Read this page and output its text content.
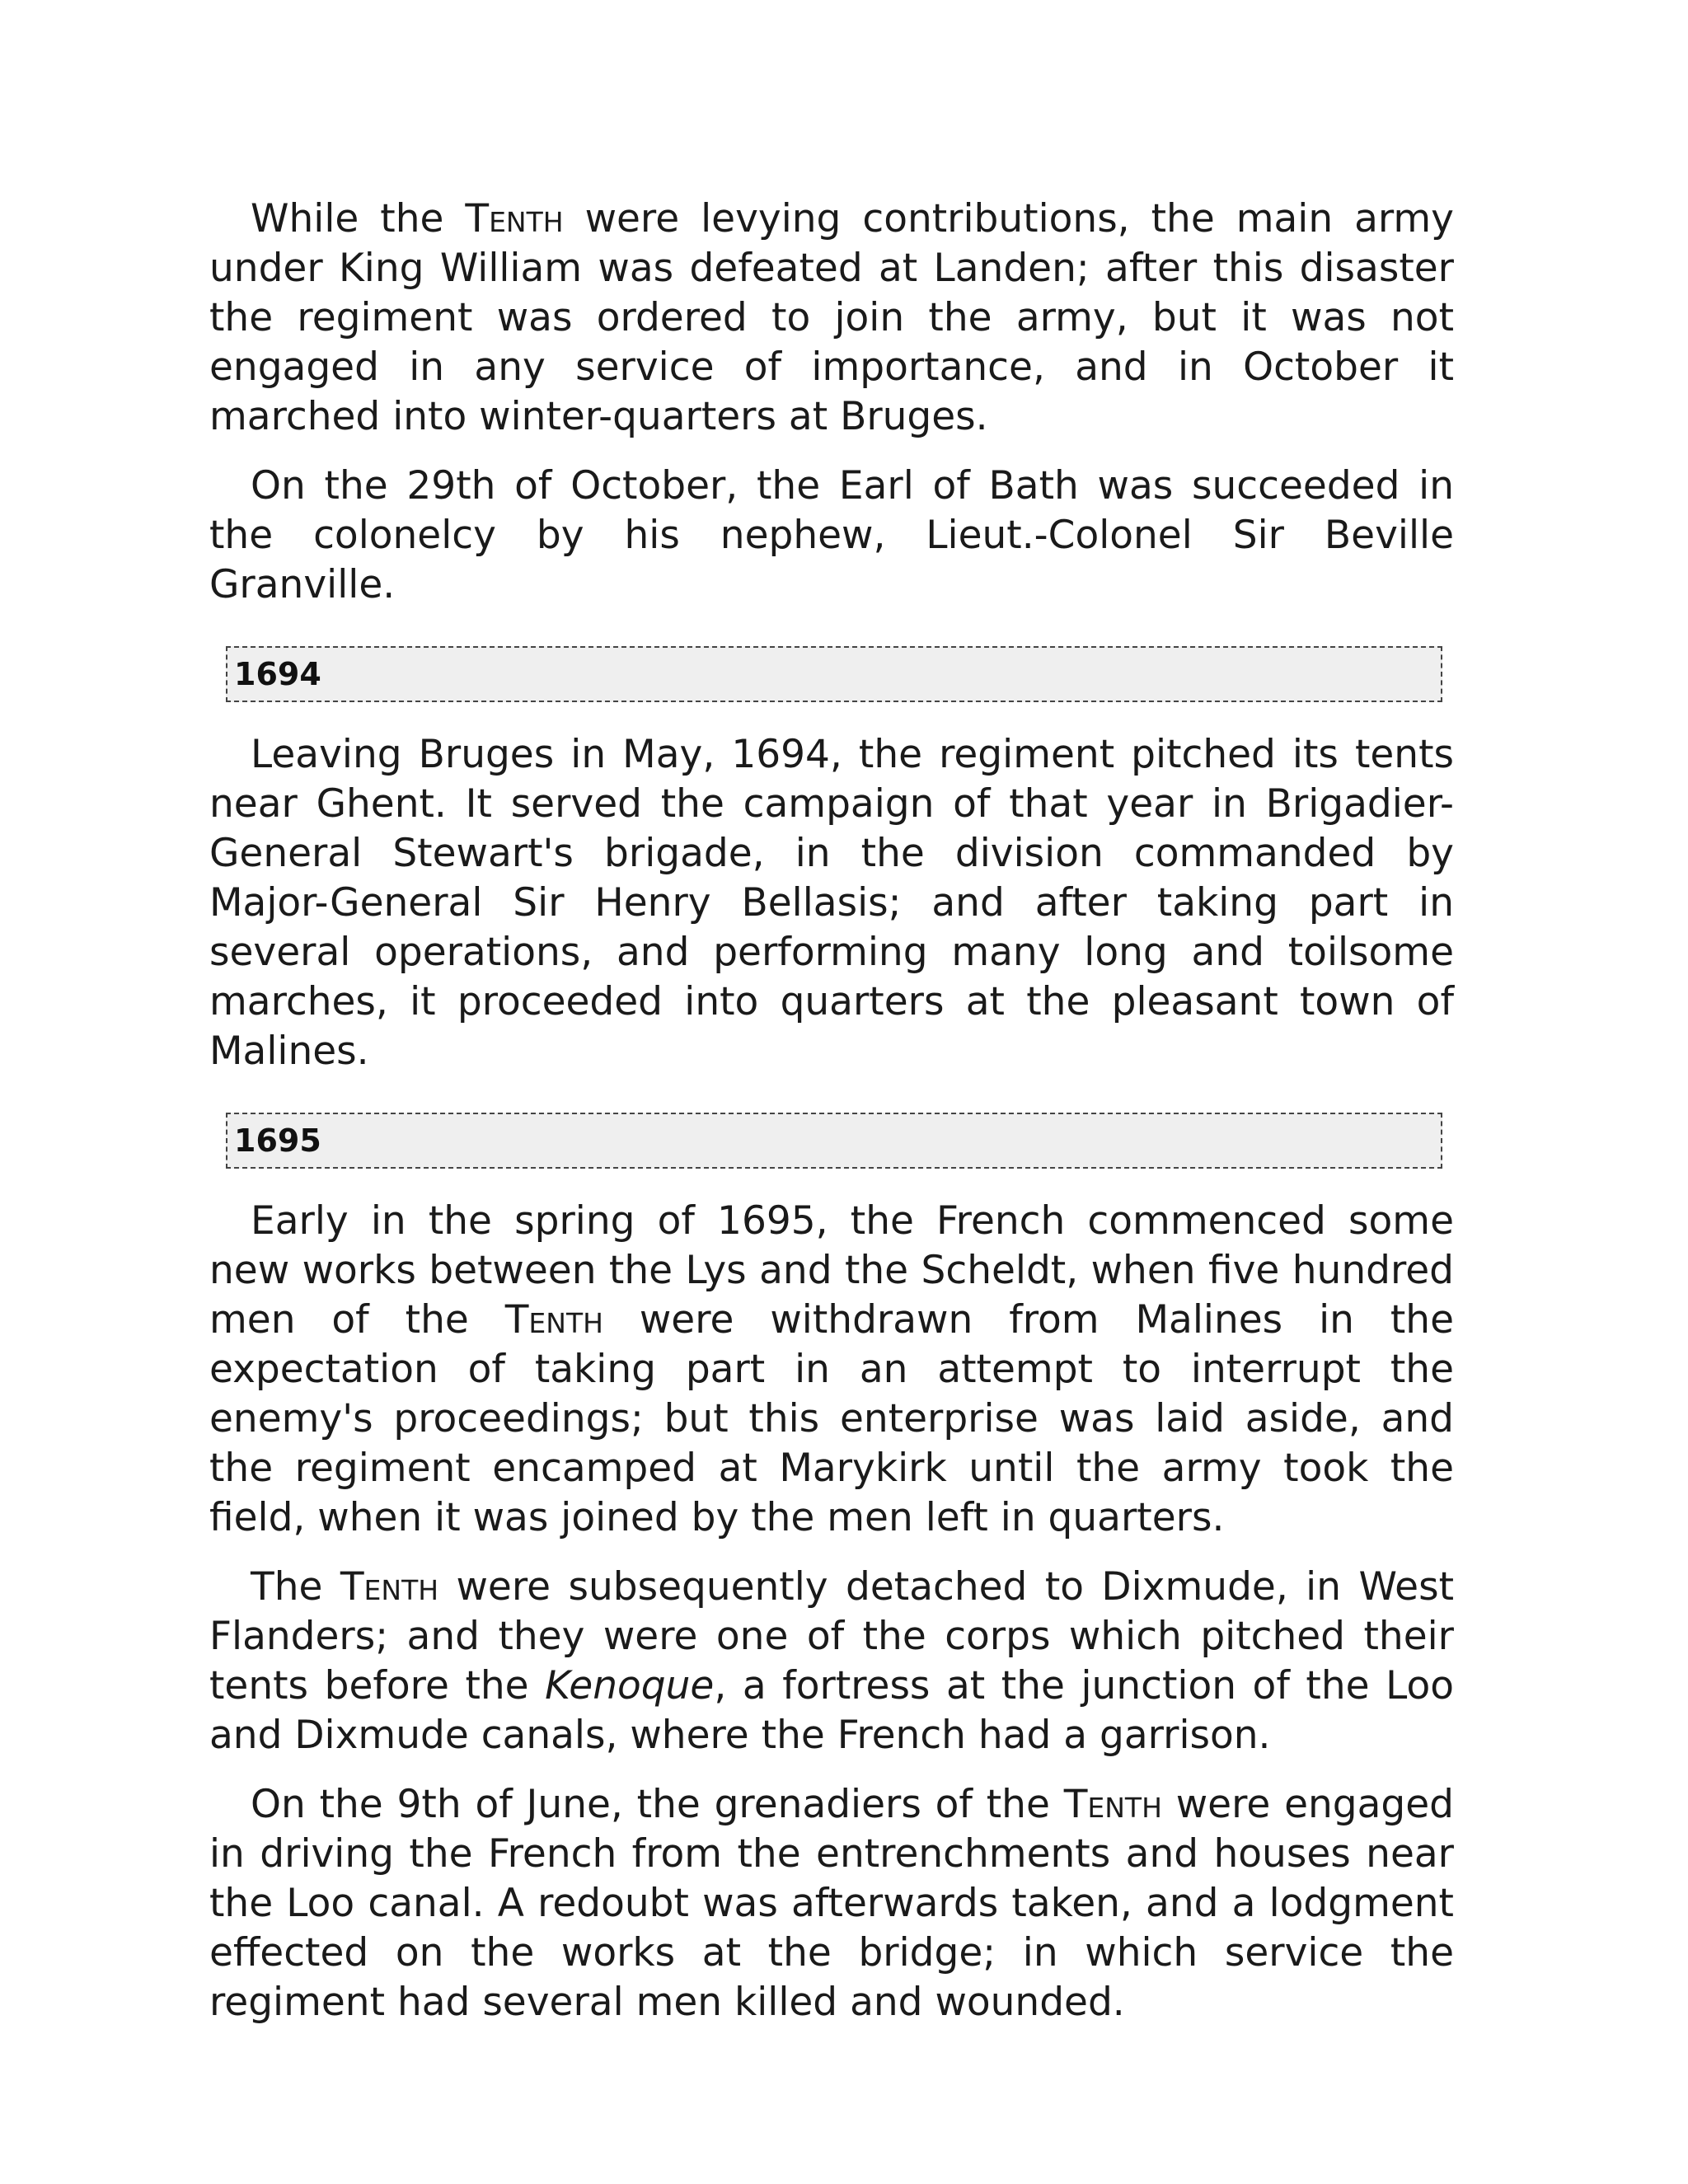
While the Tenth were levying contributions, the main army under King William was defeated at Landen; after this disaster the regiment was ordered to join the army, but it was not engaged in any service of importance, and in October it marched into winter-quarters at Bruges.

On the 29th of October, the Earl of Bath was succeeded in the colonelcy by his nephew, Lieut.-Colonel Sir Beville Granville.

1694

Leaving Bruges in May, 1694, the regiment pitched its tents near Ghent. It served the campaign of that year in Brigadier-General Stewart's brigade, in the division commanded by Major-General Sir Henry Bellasis; and after taking part in several operations, and performing many long and toilsome marches, it proceeded into quarters at the pleasant town of Malines.

1695

Early in the spring of 1695, the French commenced some new works between the Lys and the Scheldt, when five hundred men of the Tenth were withdrawn from Malines in the expectation of taking part in an attempt to interrupt the enemy's proceedings; but this enterprise was laid aside, and the regiment encamped at Marykirk until the army took the field, when it was joined by the men left in quarters.

The Tenth were subsequently detached to Dixmude, in West Flanders; and they were one of the corps which pitched their tents before the Kenoque, a fortress at the junction of the Loo and Dixmude canals, where the French had a garrison.

On the 9th of June, the grenadiers of the Tenth were engaged in driving the French from the entrenchments and houses near the Loo canal. A redoubt was afterwards taken, and a lodgment effected on the works at the bridge; in which service the regiment had several men killed and wounded.
